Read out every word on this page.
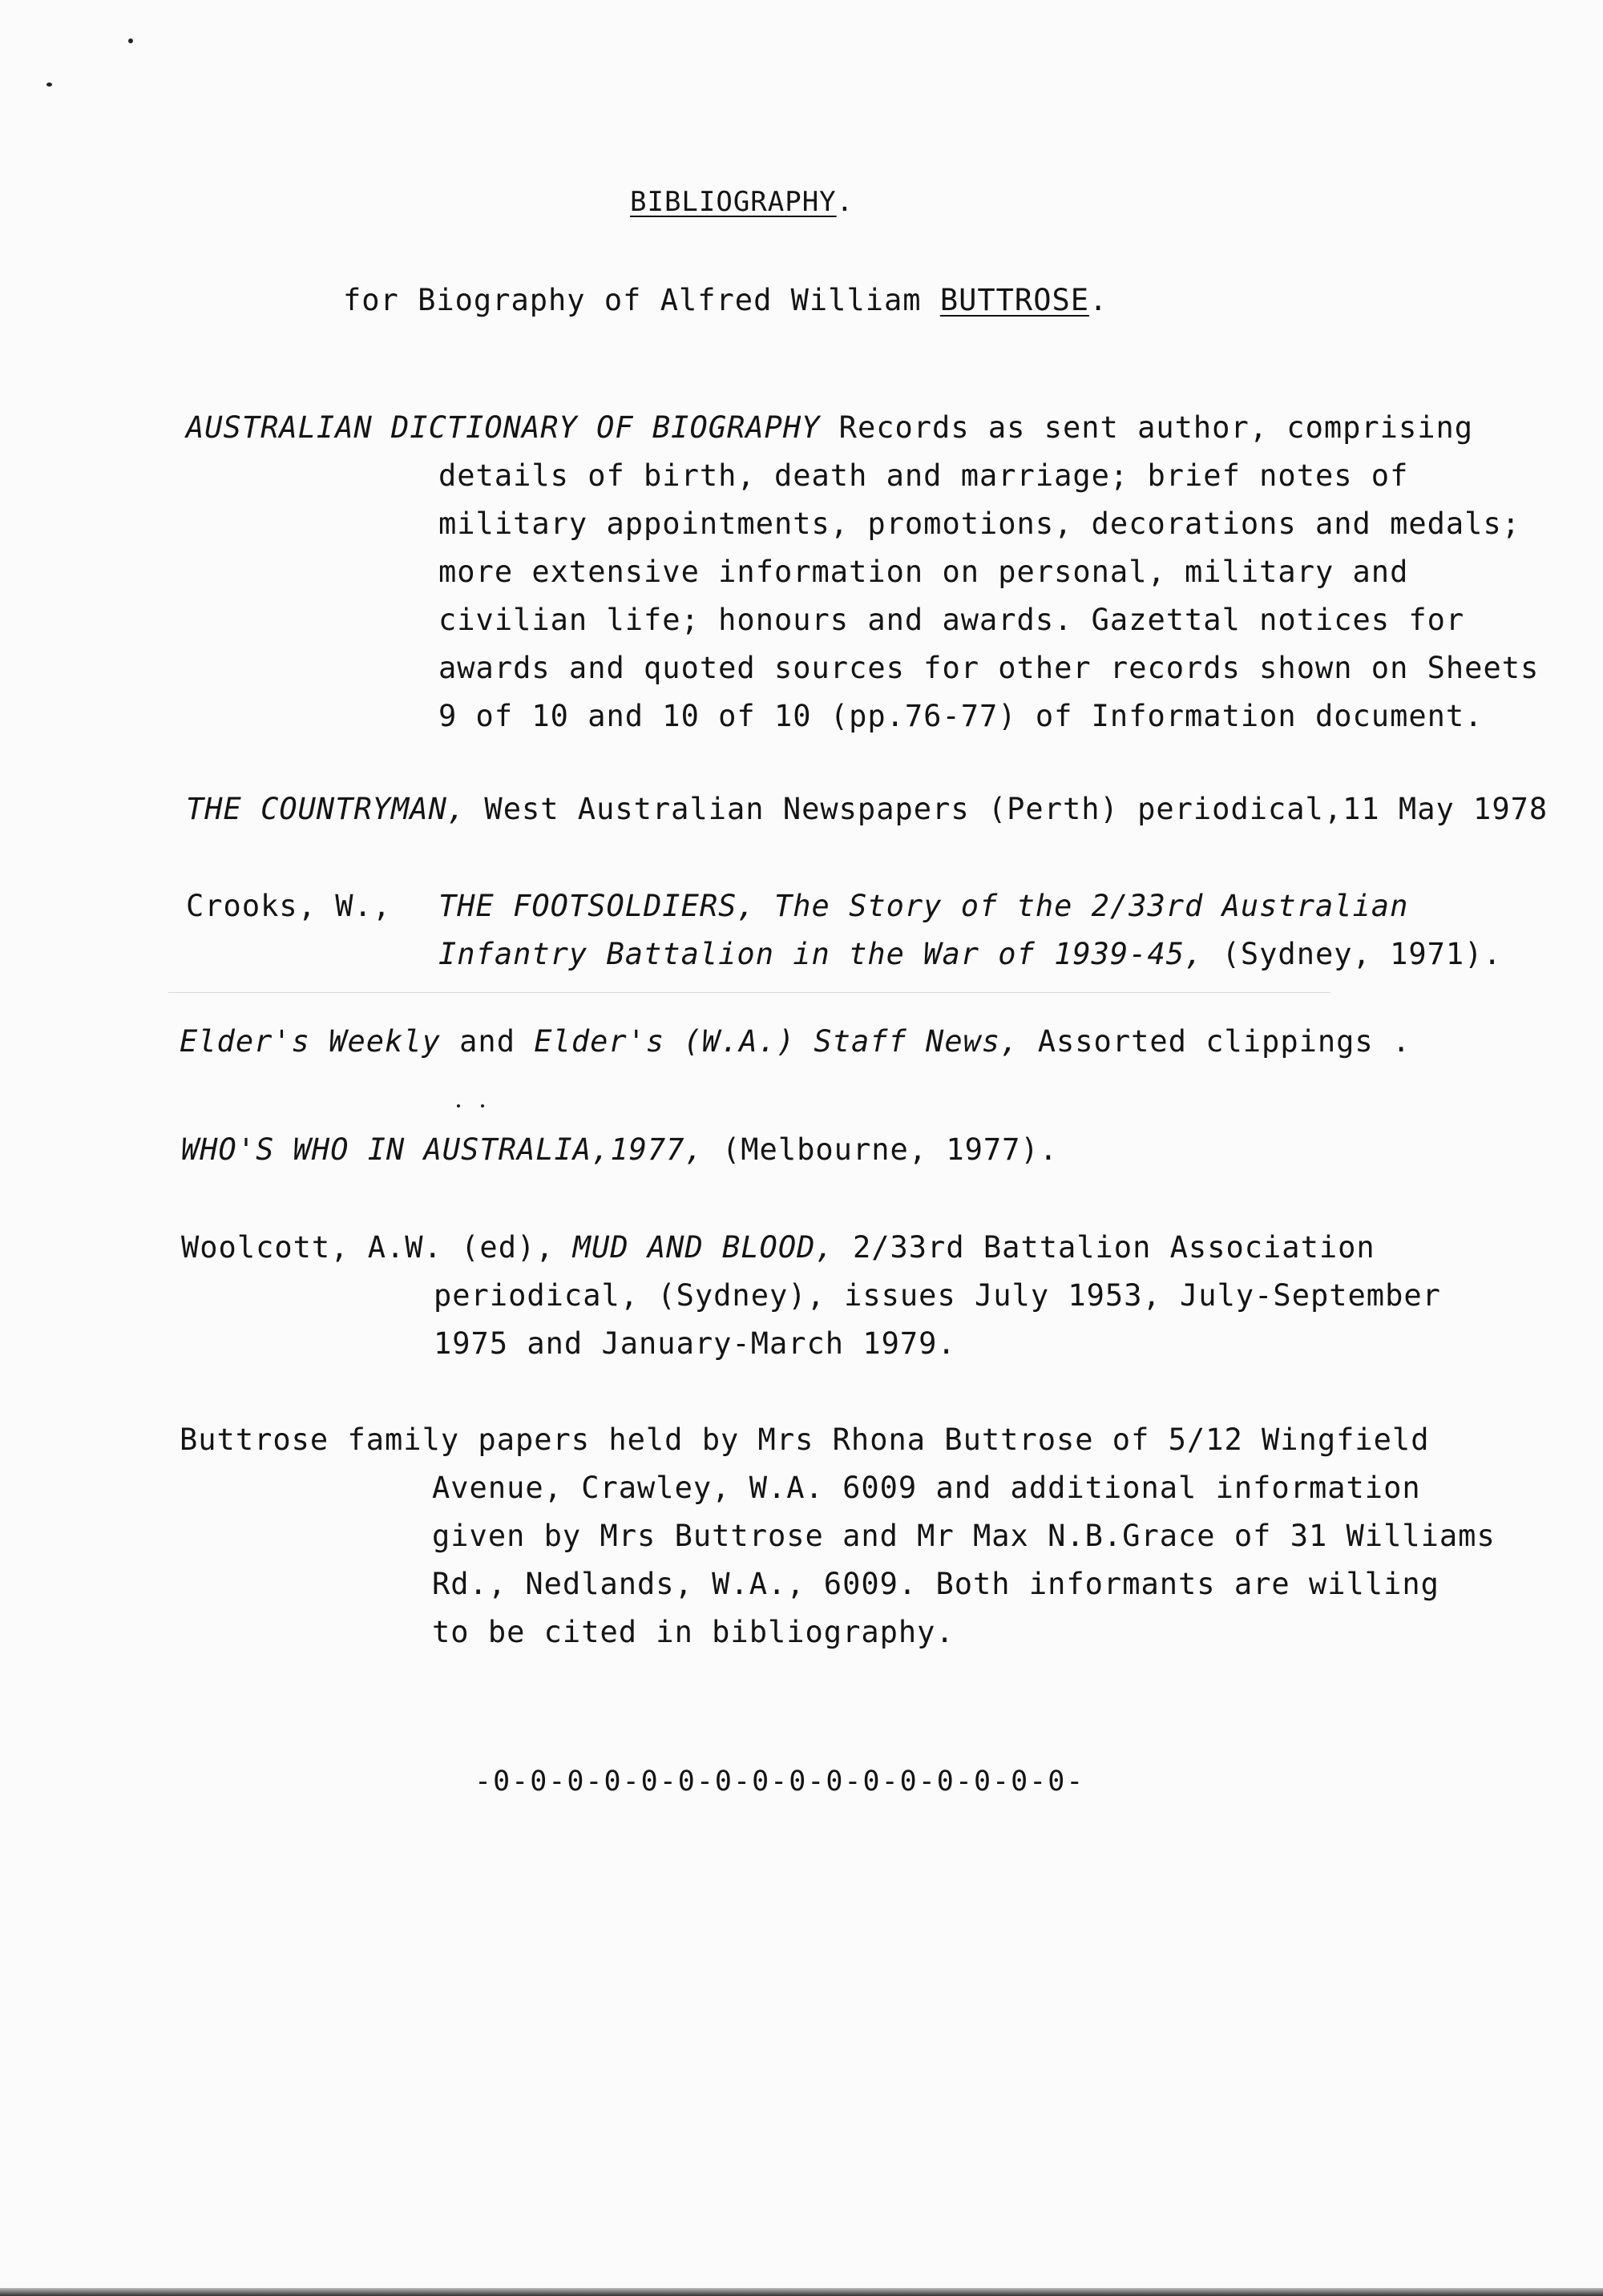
BIBLIOGRAPHY.
for Biography of Alfred William BUTTROSE.
AUSTRALIAN DICTIONARY OF BIOGRAPHY Records as sent author, comprising
details of birth, death and marriage; brief notes of
military appointments, promotions, decorations and medals;
more extensive information on personal, military and
civilian life; honours and awards. Gazettal notices for
awards and quoted sources for other records shown on Sheets
9 of 10 and 10 of 10 (pp.76-77) of Information document.
THE COUNTRYMAN, West Australian Newspapers (Perth) periodical,11 May 1978
Crooks, W., THE FOOTSOLDIERS, The Story of the 2/33rd Australian
Infantry Battalion in the War of 1939-45, (Sydney, 1971).
Elder's Weekly and Elder's (W.A.) Staff News, Assorted clippings .
WHO'S WHO IN AUSTRALIA,1977, (Melbourne, 1977).
Woolcott, A.W. (ed), MUD AND BLOOD, 2/33rd Battalion Association
periodical, (Sydney), issues July 1953, July-September
1975 and January-March 1979.
Buttrose family papers held by Mrs Rhona Buttrose of 5/12 Wingfield
Avenue, Crawley, W.A. 6009 and additional information
given by Mrs Buttrose and Mr Max N.B.Grace of 31 Williams
Rd., Nedlands, W.A., 6009. Both informants are willing
to be cited in bibliography.
-0-0-0-0-0-0-0-0-0-0-0-0-0-0-0-0-
